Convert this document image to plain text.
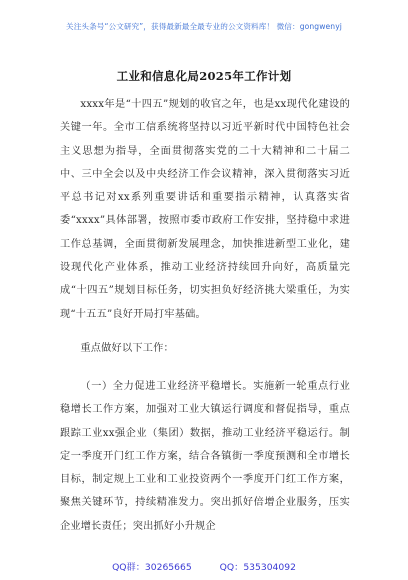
关注头条号“公文研究”，获得最新最全最专业的公文资料库！ 微信：gongwenyj
工业和信息化局2025年工作计划
xxxx年是“十四五”规划的收官之年，也是xx现代化建设的关键一年。全市工信系统将坚持以习近平新时代中国特色社会主义思想为指导，全面贯彻落实党的二十大精神和二十届二中、三中全会以及中央经济工作会议精神，深入贯彻落实习近平总书记对xx系列重要讲话和重要指示精神，认真落实省委“xxxx”具体部署，按照市委市政府工作安排，坚持稳中求进工作总基调，全面贯彻新发展理念，加快推进新型工业化，建设现代化产业体系，推动工业经济持续回升向好，高质量完成“十四五”规划目标任务，切实担负好经济挑大梁重任，为实现“十五五”良好开局打牢基础。
重点做好以下工作：
（一）全力促进工业经济平稳增长。实施新一轮重点行业稳增长工作方案，加强对工业大镇运行调度和督促指导，重点跟踪工业xx强企业（集团）数据，推动工业经济平稳运行。制定一季度开门红工作方案，结合各镇街一季度预测和全市增长目标，制定规上工业和工业投资两个一季度开门红工作方案，聚焦关键环节，持续精准发力。突出抓好倍增企业服务，压实企业增长责任；突出抓好小升规企
QQ群：30265665	QQ：535304092
